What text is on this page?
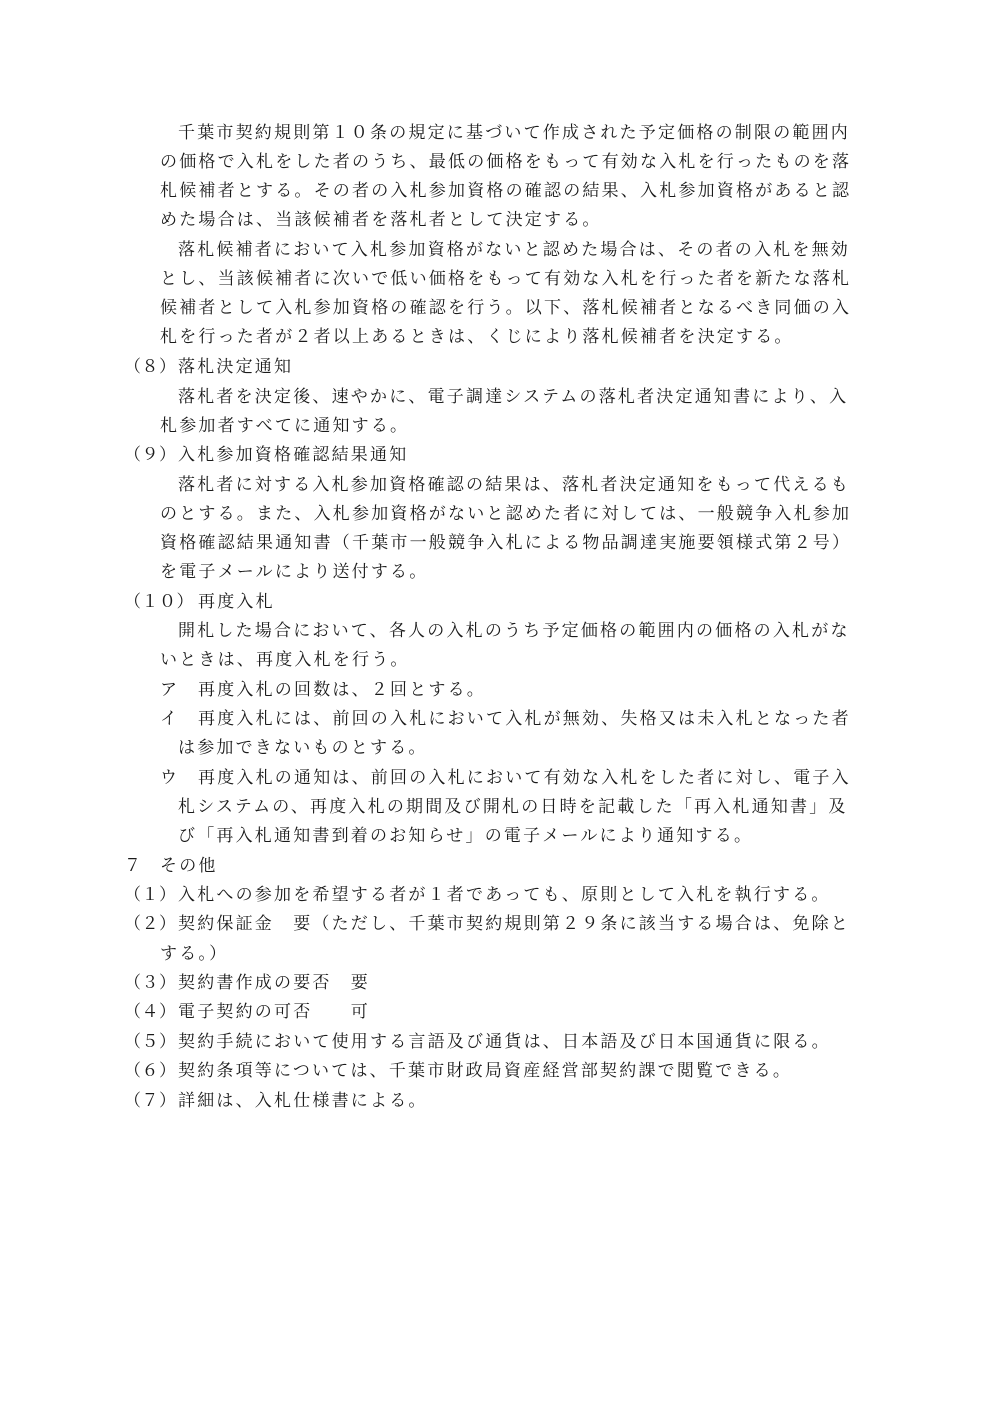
千葉市契約規則第１０条の規定に基づいて作成された予定価格の制限の範囲内
の価格で入札をした者のうち、最低の価格をもって有効な入札を行ったものを落
札候補者とする。その者の入札参加資格の確認の結果、入札参加資格があると認
めた場合は、当該候補者を落札者として決定する。
落札候補者において入札参加資格がないと認めた場合は、その者の入札を無効
とし、当該候補者に次いで低い価格をもって有効な入札を行った者を新たな落札
候補者として入札参加資格の確認を行う。以下、落札候補者となるべき同価の入
札を行った者が２者以上あるときは、くじにより落札候補者を決定する。
（８） 落札決定通知
落札者を決定後、速やかに、電子調達システムの落札者決定通知書により、入
札参加者すべてに通知する。
（９） 入札参加資格確認結果通知
落札者に対する入札参加資格確認の結果は、落札者決定通知をもって代えるも
のとする。また、入札参加資格がないと認めた者に対しては、一般競争入札参加
資格確認結果通知書（千葉市一般競争入札による物品調達実施要領様式第２号）
を電子メールにより送付する。
（１０） 再度入札
開札した場合において、各人の入札のうち予定価格の範囲内の価格の入札がな
いときは、再度入札を行う。
ア 再度入札の回数は、２回とする。
イ 再度入札には、前回の入札において入札が無効、失格又は未入札となった者
は参加できないものとする。
ウ 再度入札の通知は、前回の入札において有効な入札をした者に対し、電子入
札システムの、再度入札の期間及び開札の日時を記載した「再入札通知書」及
び「再入札通知書到着のお知らせ」の電子メールにより通知する。
７ その他
（１） 入札への参加を希望する者が１者であっても、原則として入札を執行する。
（２） 契約保証金　要（ただし、千葉市契約規則第２９条に該当する場合は、免除と
する。）
（３） 契約書作成の要否　要
（４） 電子契約の可否　　可
（５） 契約手続において使用する言語及び通貨は、日本語及び日本国通貨に限る。
（６） 契約条項等については、千葉市財政局資産経営部契約課で閲覧できる。
（７） 詳細は、入札仕様書による。
